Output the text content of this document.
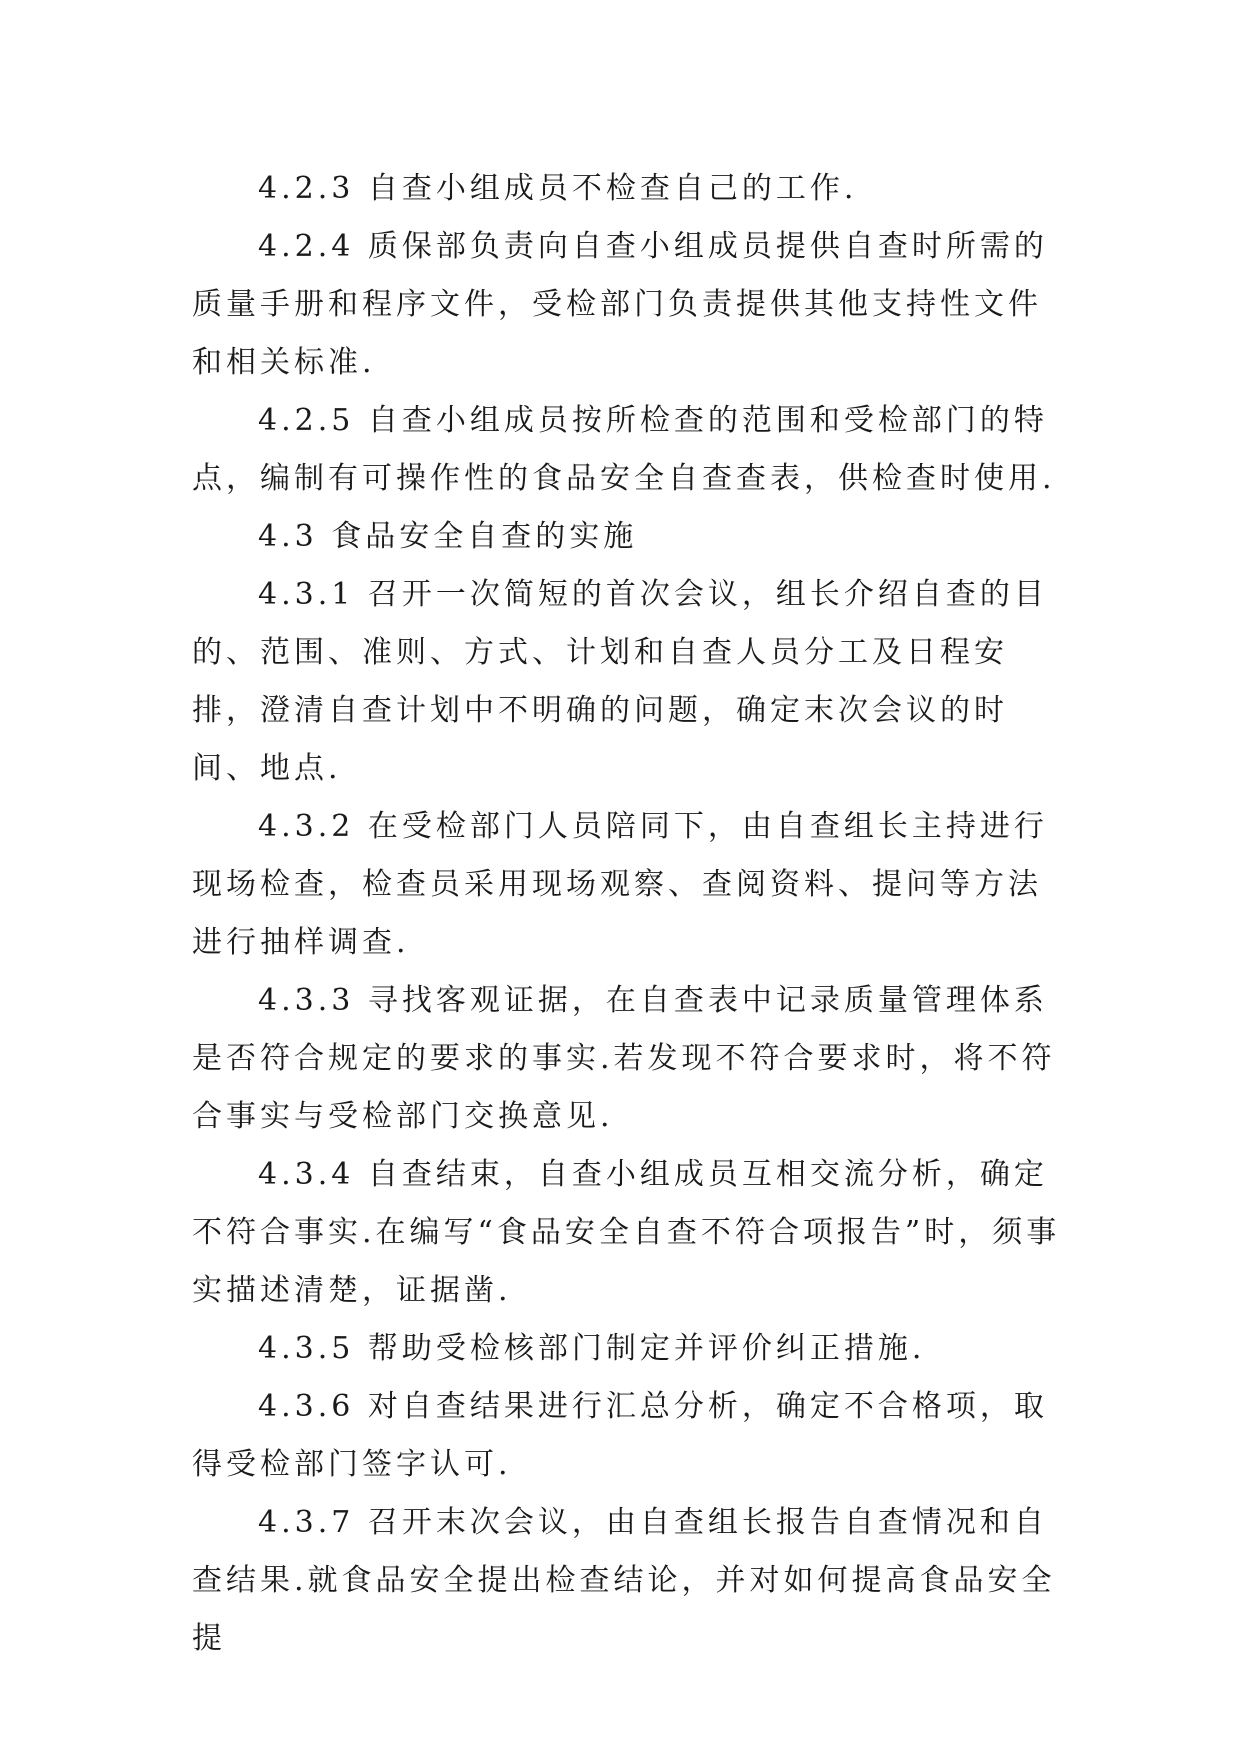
4.2.3 自查小组成员不检查自己的工作.

4.2.4 质保部负责向自查小组成员提供自查时所需的质量手册和程序文件，受检部门负责提供其他支持性文件和相关标准.

4.2.5 自查小组成员按所检查的范围和受检部门的特点，编制有可操作性的食品安全自查查表，供检查时使用.

4.3 食品安全自查的实施

4.3.1 召开一次简短的首次会议，组长介绍自查的目的、范围、准则、方式、计划和自查人员分工及日程安排，澄清自查计划中不明确的问题，确定末次会议的时间、地点.

4.3.2 在受检部门人员陪同下，由自查组长主持进行现场检查，检查员采用现场观察、查阅资料、提问等方法进行抽样调查.

4.3.3 寻找客观证据，在自查表中记录质量管理体系是否符合规定的要求的事实.若发现不符合要求时，将不符合事实与受检部门交换意见.

4.3.4 自查结束，自查小组成员互相交流分析，确定不符合事实.在编写“食品安全自查不符合项报告”时，须事实描述清楚，证据凿.

4.3.5 帮助受检核部门制定并评价纠正措施.

4.3.6 对自查结果进行汇总分析，确定不合格项，取得受检部门签字认可.

4.3.7 召开末次会议，由自查组长报告自查情况和自查结果.就食品安全提出检查结论，并对如何提高食品安全提
